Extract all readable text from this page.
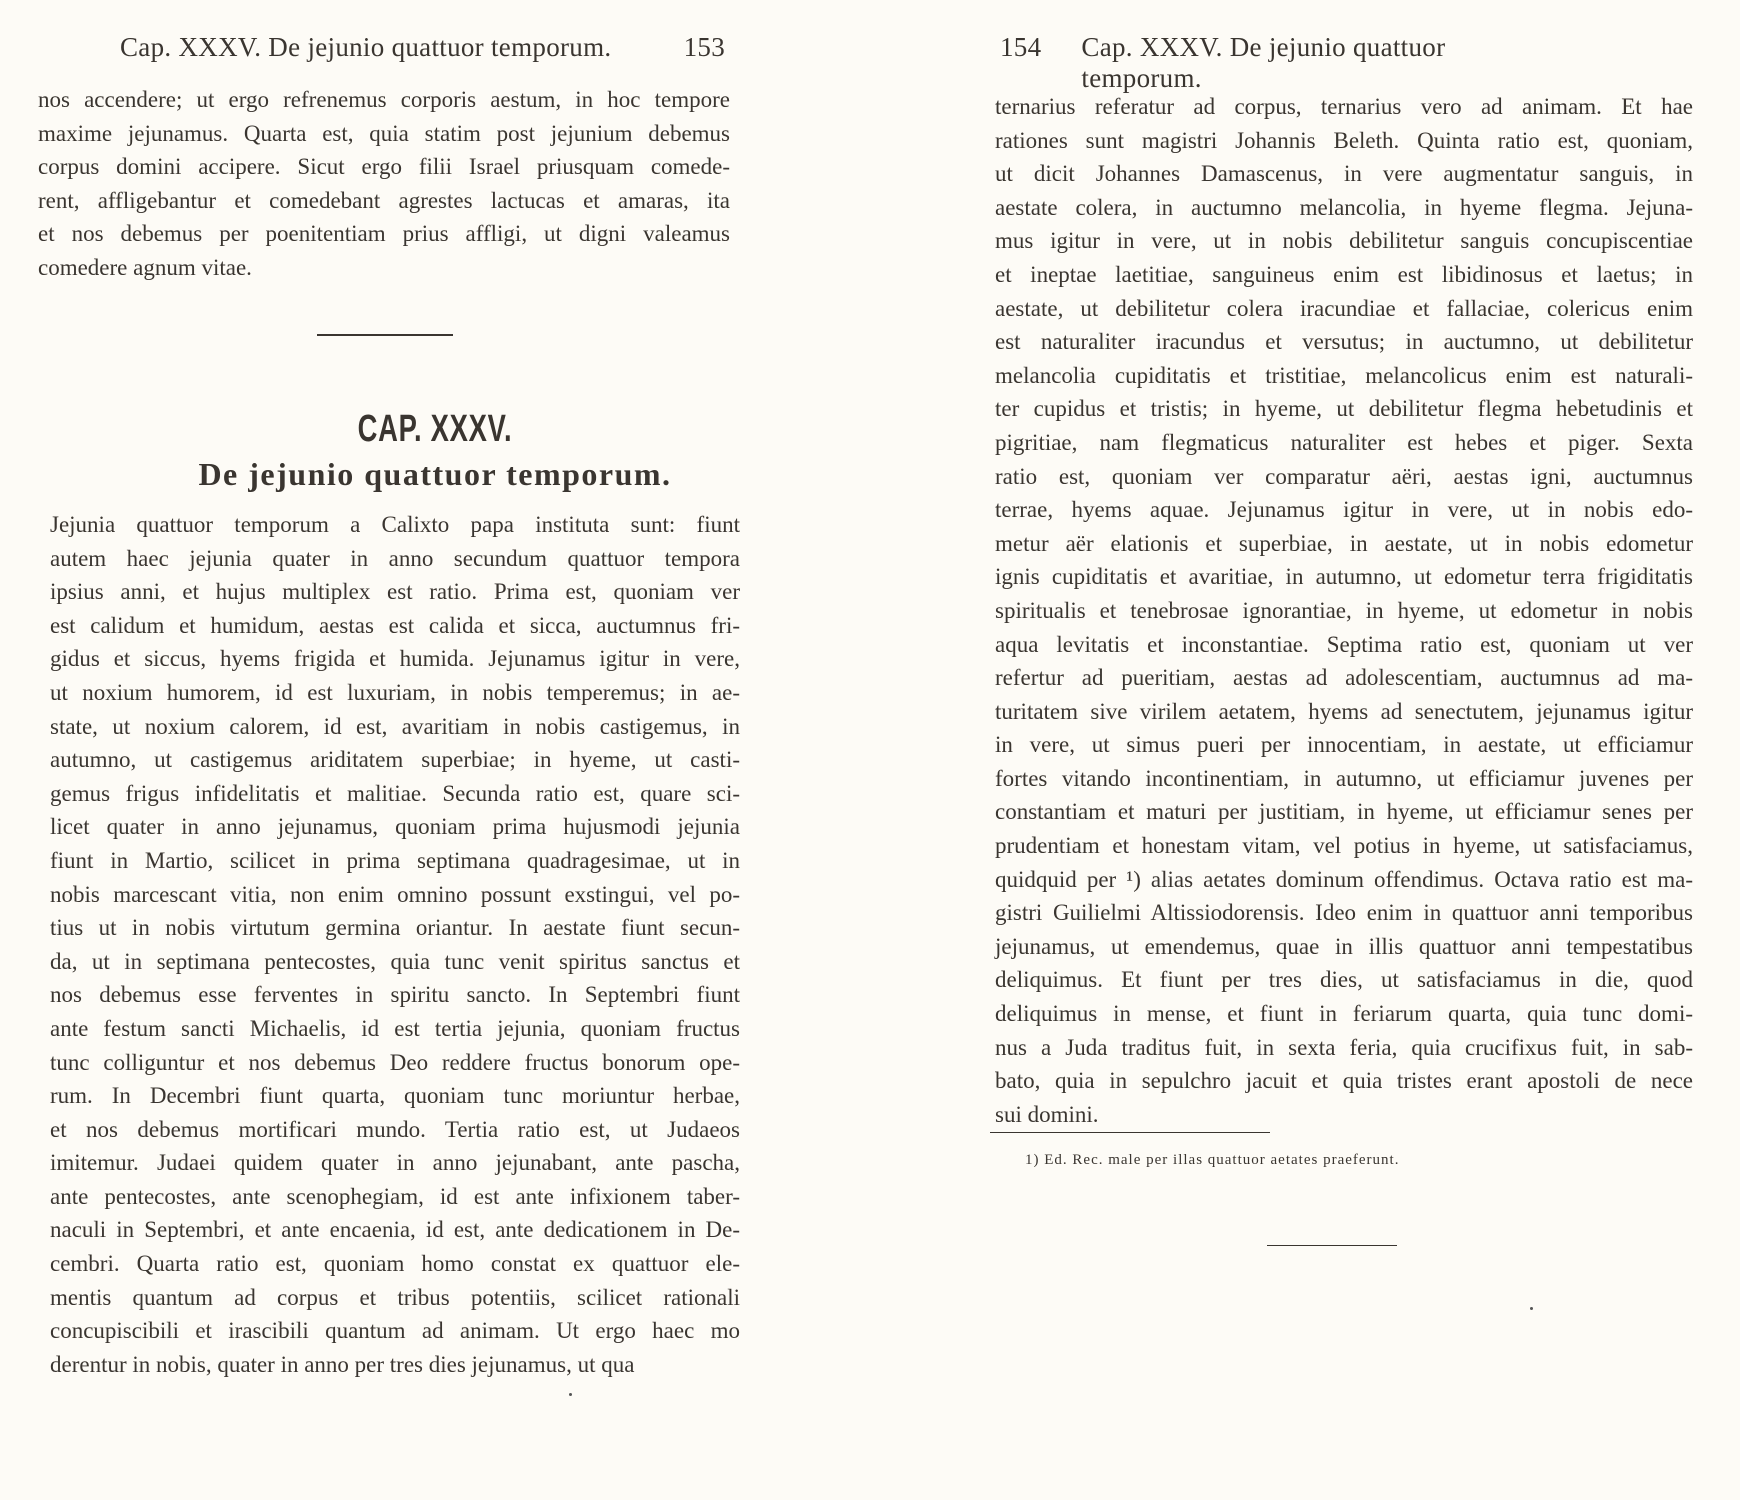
Cap. XXXV. De jejunio quattuor temporum.	153
nos accendere; ut ergo refrenemus corporis aestum, in hoc tempore
maxime jejunamus. Quarta est, quia statim post jejunium debemus
corpus domini accipere. Sicut ergo filii Israel priusquam comede-
rent, affligebantur et comedebant agrestes lactucas et amaras, ita
et nos debemus per poenitentiam prius affligi, ut digni valeamus
comedere agnum vitae.
CAP. XXXV.
De jejunio quattuor temporum.
Jejunia quattuor temporum a Calixto papa instituta sunt: fiunt
autem haec jejunia quater in anno secundum quattuor tempora
ipsius anni, et hujus multiplex est ratio. Prima est, quoniam ver
est calidum et humidum, aestas est calida et sicca, auctumnus fri-
gidus et siccus, hyems frigida et humida. Jejunamus igitur in vere,
ut noxium humorem, id est luxuriam, in nobis temperemus; in ae-
state, ut noxium calorem, id est, avaritiam in nobis castigemus, in
autumno, ut castigemus ariditatem superbiae; in hyeme, ut casti-
gemus frigus infidelitatis et malitiae. Secunda ratio est, quare sci-
licet quater in anno jejunamus, quoniam prima hujusmodi jejunia
fiunt in Martio, scilicet in prima septimana quadragesimae, ut in
nobis marcescant vitia, non enim omnino possunt exstingui, vel po-
tius ut in nobis virtutum germina oriantur. In aestate fiunt secun-
da, ut in septimana pentecostes, quia tunc venit spiritus sanctus et
nos debemus esse ferventes in spiritu sancto. In Septembri fiunt
ante festum sancti Michaelis, id est tertia jejunia, quoniam fructus
tunc colliguntur et nos debemus Deo reddere fructus bonorum ope-
rum. In Decembri fiunt quarta, quoniam tunc moriuntur herbae,
et nos debemus mortificari mundo. Tertia ratio est, ut Judaeos
imitemur. Judaei quidem quater in anno jejunabant, ante pascha,
ante pentecostes, ante scenophegiam, id est ante infixionem taber-
naculi in Septembri, et ante encaenia, id est, ante dedicationem in De-
cembri. Quarta ratio est, quoniam homo constat ex quattuor ele-
mentis quantum ad corpus et tribus potentiis, scilicet rationali
concupiscibili et irascibili quantum ad animam. Ut ergo haec mo
derentur in nobis, quater in anno per tres dies jejunamus, ut qua
154 Cap. XXXV. De jejunio quattuor temporum.
ternarius referatur ad corpus, ternarius vero ad animam. Et hae
rationes sunt magistri Johannis Beleth. Quinta ratio est, quoniam,
ut dicit Johannes Damascenus, in vere augmentatur sanguis, in
aestate colera, in auctumno melancolia, in hyeme flegma. Jejuna-
mus igitur in vere, ut in nobis debilitetur sanguis concupiscentiae
et ineptae laetitiae, sanguineus enim est libidinosus et laetus; in
aestate, ut debilitetur colera iracundiae et fallaciae, colericus enim
est naturaliter iracundus et versutus; in auctumno, ut debilitetur
melancolia cupiditatis et tristitiae, melancolicus enim est naturali-
ter cupidus et tristis; in hyeme, ut debilitetur flegma hebetudinis et
pigritiae, nam flegmaticus naturaliter est hebes et piger. Sexta
ratio est, quoniam ver comparatur aëri, aestas igni, auctumnus
terrae, hyems aquae. Jejunamus igitur in vere, ut in nobis edo-
metur aër elationis et superbiae, in aestate, ut in nobis edometur
ignis cupiditatis et avaritiae, in autumno, ut edometur terra frigiditatis
spiritualis et tenebrosae ignorantiae, in hyeme, ut edometur in nobis
aqua levitatis et inconstantiae. Septima ratio est, quoniam ut ver
refertur ad pueritiam, aestas ad adolescentiam, auctumnus ad ma-
turitatem sive virilem aetatem, hyems ad senectutem, jejunamus igitur
in vere, ut simus pueri per innocentiam, in aestate, ut efficiamur
fortes vitando incontinentiam, in autumno, ut efficiamur juvenes per
constantiam et maturi per justitiam, in hyeme, ut efficiamur senes per
prudentiam et honestam vitam, vel potius in hyeme, ut satisfaciamus,
quidquid per ¹) alias aetates dominum offendimus. Octava ratio est ma-
gistri Guilielmi Altissiodorensis. Ideo enim in quattuor anni temporibus
jejunamus, ut emendemus, quae in illis quattuor anni tempestatibus
deliquimus. Et fiunt per tres dies, ut satisfaciamus in die, quod
deliquimus in mense, et fiunt in feriarum quarta, quia tunc domi-
nus a Juda traditus fuit, in sexta feria, quia crucifixus fuit, in sab-
bato, quia in sepulchro jacuit et quia tristes erant apostoli de nece
sui domini.
1) Ed. Rec. male per illas quattuor aetates praeferunt.
